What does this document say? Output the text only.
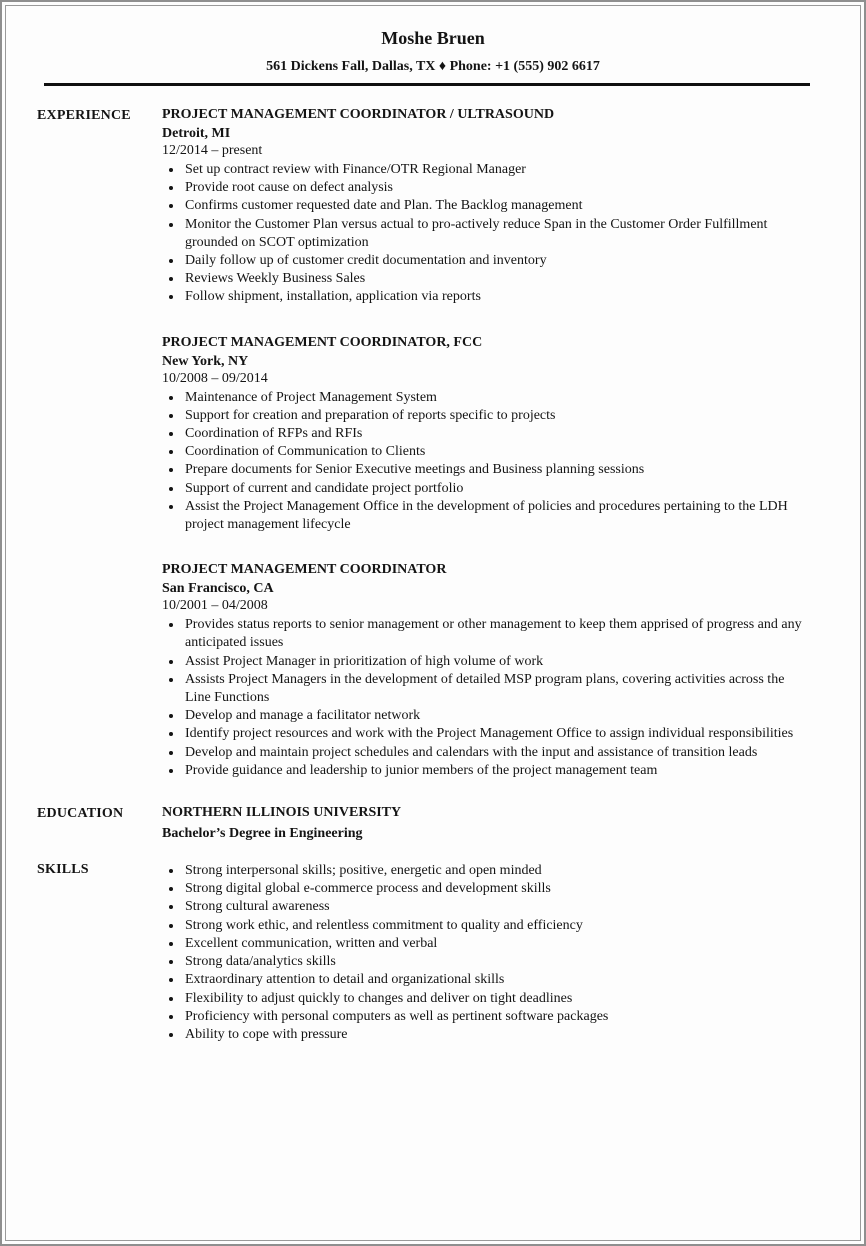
Moshe Bruen
561 Dickens Fall, Dallas, TX ♦ Phone: +1 (555) 902 6617
EXPERIENCE	PROJECT MANAGEMENT COORDINATOR / ULTRASOUND
Detroit, MI
12/2014 – present
• Set up contract review with Finance/OTR Regional Manager
• Provide root cause on defect analysis
• Confirms customer requested date and Plan. The Backlog management
• Monitor the Customer Plan versus actual to pro-actively reduce Span in the Customer Order Fulfillment grounded on SCOT optimization
• Daily follow up of customer credit documentation and inventory
• Reviews Weekly Business Sales
• Follow shipment, installation, application via reports
PROJECT MANAGEMENT COORDINATOR, FCC
New York, NY
10/2008 – 09/2014
• Maintenance of Project Management System
• Support for creation and preparation of reports specific to projects
• Coordination of RFPs and RFIs
• Coordination of Communication to Clients
• Prepare documents for Senior Executive meetings and Business planning sessions
• Support of current and candidate project portfolio
• Assist the Project Management Office in the development of policies and procedures pertaining to the LDH project management lifecycle
PROJECT MANAGEMENT COORDINATOR
San Francisco, CA
10/2001 – 04/2008
• Provides status reports to senior management or other management to keep them apprised of progress and any anticipated issues
• Assist Project Manager in prioritization of high volume of work
• Assists Project Managers in the development of detailed MSP program plans, covering activities across the Line Functions
• Develop and manage a facilitator network
• Identify project resources and work with the Project Management Office to assign individual responsibilities
• Develop and maintain project schedules and calendars with the input and assistance of transition leads
• Provide guidance and leadership to junior members of the project management team
EDUCATION	NORTHERN ILLINOIS UNIVERSITY
Bachelor’s Degree in Engineering
SKILLS	• Strong interpersonal skills; positive, energetic and open minded
• Strong digital global e-commerce process and development skills
• Strong cultural awareness
• Strong work ethic, and relentless commitment to quality and efficiency
• Excellent communication, written and verbal
• Strong data/analytics skills
• Extraordinary attention to detail and organizational skills
• Flexibility to adjust quickly to changes and deliver on tight deadlines
• Proficiency with personal computers as well as pertinent software packages
• Ability to cope with pressure
